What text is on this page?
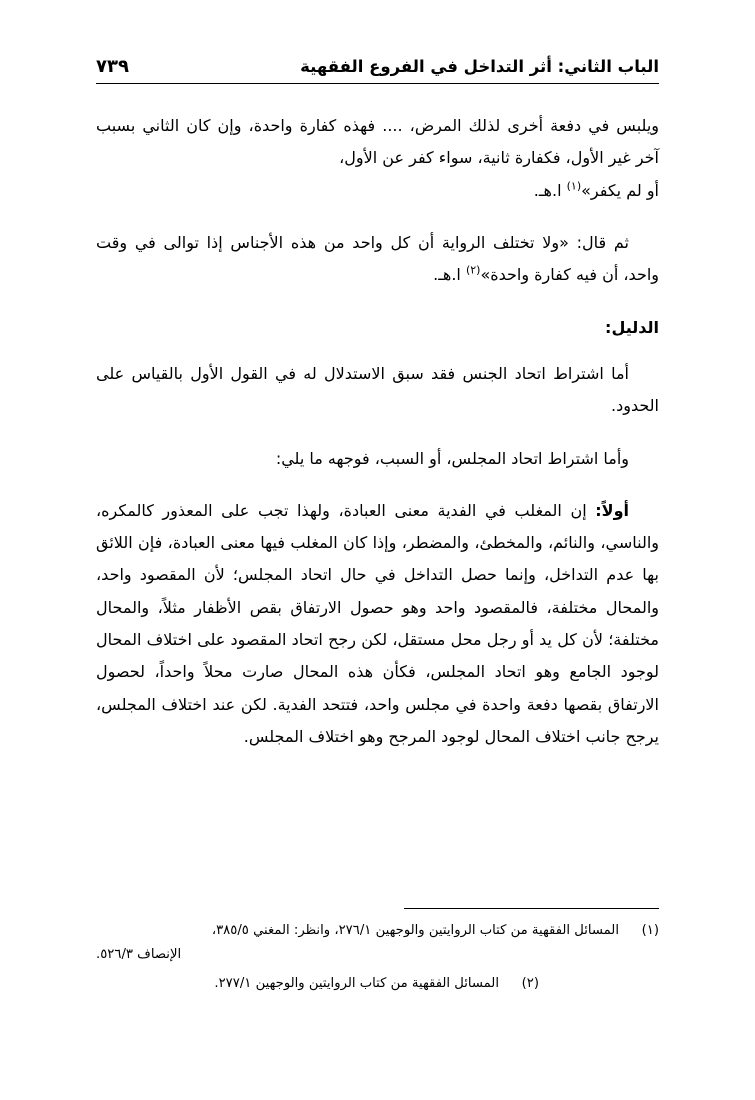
الباب الثاني: أثر التداخل في الفروع الفقهية
٧٣٩

ويلبس في دفعة أخرى لذلك المرض، .... فهذه كفارة واحدة، وإن كان الثاني بسبب آخر غير الأول، فكفارة ثانية، سواء كفر عن الأول،
أو لم يكفر»$^{(١)}$ ا.هـ.

ثم قال: «ولا تختلف الرواية أن كل واحد من هذه الأجناس إذا توالى في وقت واحد، أن فيه كفارة واحدة»$^{(٢)}$ ا.هـ.

الدليل:

أما اشتراط اتحاد الجنس فقد سبق الاستدلال له في القول الأول بالقياس على الحدود.

وأما اشتراط اتحاد المجلس، أو السبب، فوجهه ما يلي:

أولاً: إن المغلب في الفدية معنى العبادة، ولهذا تجب على المعذور كالمكره، والناسي، والنائم، والمخطئ، والمضطر، وإذا كان المغلب فيها معنى العبادة، فإن اللائق بها عدم التداخل، وإنما حصل التداخل في حال اتحاد المجلس؛ لأن المقصود واحد، والمحال مختلفة، فالمقصود واحد وهو حصول الارتفاق بقص الأظفار مثلاً، والمحال مختلفة؛ لأن كل يد أو رجل محل مستقل، لكن رجح اتحاد المقصود على اختلاف المحال لوجود الجامع وهو اتحاد المجلس، فكأن هذه المحال صارت محلاً واحداً، لحصول الارتفاق بقصها دفعة واحدة في مجلس واحد، فتتحد الفدية. لكن عند اختلاف المجلس، يرجح جانب اختلاف المحال لوجود المرجح وهو اختلاف المجلس.

(١)
المسائل الفقهية من كتاب الروايتين والوجهين ٢٧٦/١، وانظر: المغني ٣٨٥/٥،
الإنصاف ٥٢٦/٣.
(٢)
المسائل الفقهية من كتاب الروايتين والوجهين ٢٧٧/١.
